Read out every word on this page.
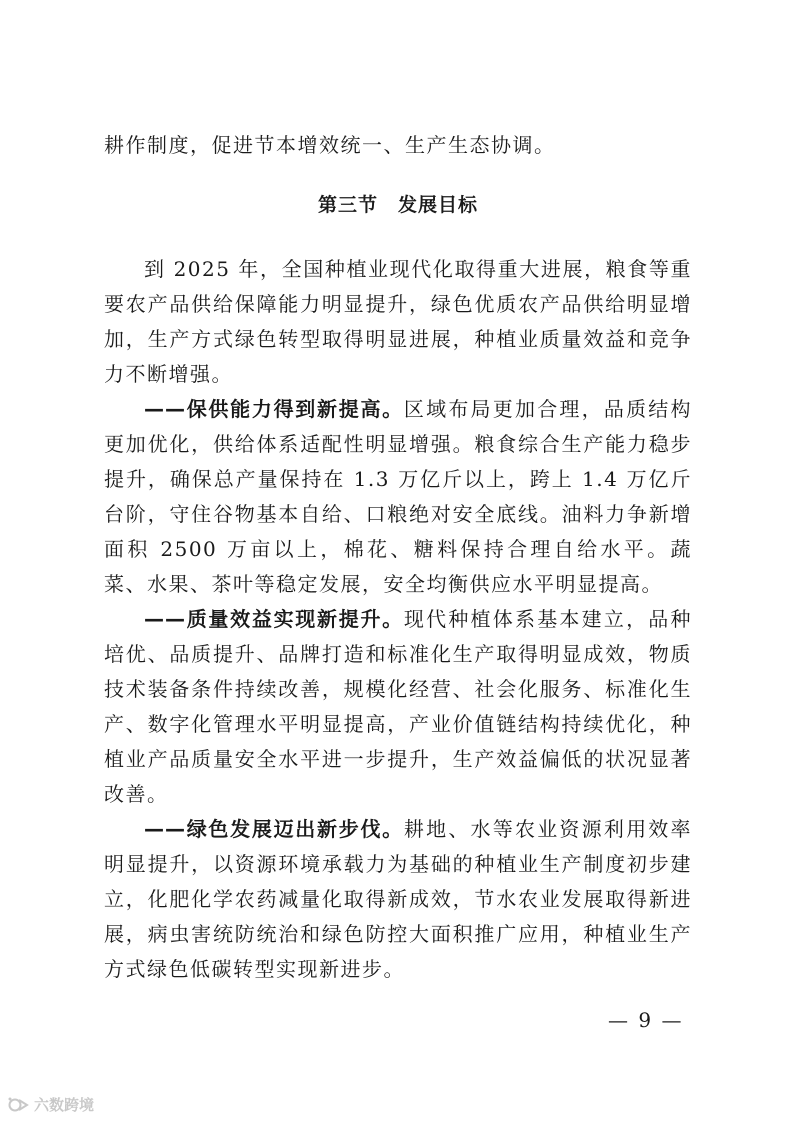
耕作制度，促进节本增效统一、生产生态协调。

第三节　发展目标

到 2025 年，全国种植业现代化取得重大进展，粮食等重要农产品供给保障能力明显提升，绿色优质农产品供给明显增加，生产方式绿色转型取得明显进展，种植业质量效益和竞争力不断增强。

——保供能力得到新提高。区域布局更加合理，品质结构更加优化，供给体系适配性明显增强。粮食综合生产能力稳步提升，确保总产量保持在 1.3 万亿斤以上，跨上 1.4 万亿斤台阶，守住谷物基本自给、口粮绝对安全底线。油料力争新增面积 2500 万亩以上，棉花、糖料保持合理自给水平。蔬菜、水果、茶叶等稳定发展，安全均衡供应水平明显提高。

——质量效益实现新提升。现代种植体系基本建立，品种培优、品质提升、品牌打造和标准化生产取得明显成效，物质技术装备条件持续改善，规模化经营、社会化服务、标准化生产、数字化管理水平明显提高，产业价值链结构持续优化，种植业产品质量安全水平进一步提升，生产效益偏低的状况显著改善。

——绿色发展迈出新步伐。耕地、水等农业资源利用效率明显提升，以资源环境承载力为基础的种植业生产制度初步建立，化肥化学农药减量化取得新成效，节水农业发展取得新进展，病虫害统防统治和绿色防控大面积推广应用，种植业生产方式绿色低碳转型实现新进步。

— 9 —
六数跨境
